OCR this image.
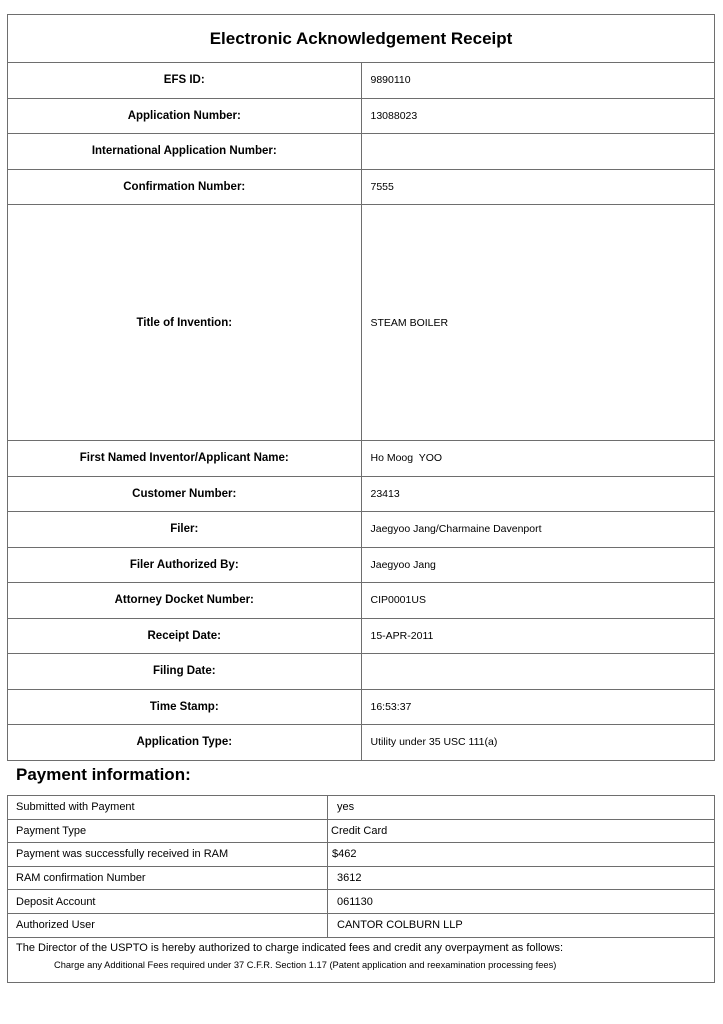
Electronic Acknowledgement Receipt	
EFS ID:	9890110
Application Number:	13088023
International Application Number:	
Confirmation Number:	7555
Title of Invention:	STEAM BOILER
First Named Inventor/Applicant Name:	Ho Moog  YOO
Customer Number:	23413
Filer:	Jaegyoo Jang/Charmaine Davenport
Filer Authorized By:	Jaegyoo Jang
Attorney Docket Number:	CIP0001US
Receipt Date:	15-APR-2011
Filing Date:	
Time Stamp:	16:53:37
Application Type:	Utility under 35 USC 111(a)
Payment information:
Submitted with Payment	yes
Payment Type	Credit Card
Payment was successfully received in RAM	$462
RAM confirmation Number	3612
Deposit Account	061130
Authorized User	CANTOR COLBURN LLP

The Director of the USPTO is hereby authorized to charge indicated fees and credit any overpayment as follows:
Charge any Additional Fees required under 37 C.F.R. Section 1.17 (Patent application and reexamination processing fees)	
